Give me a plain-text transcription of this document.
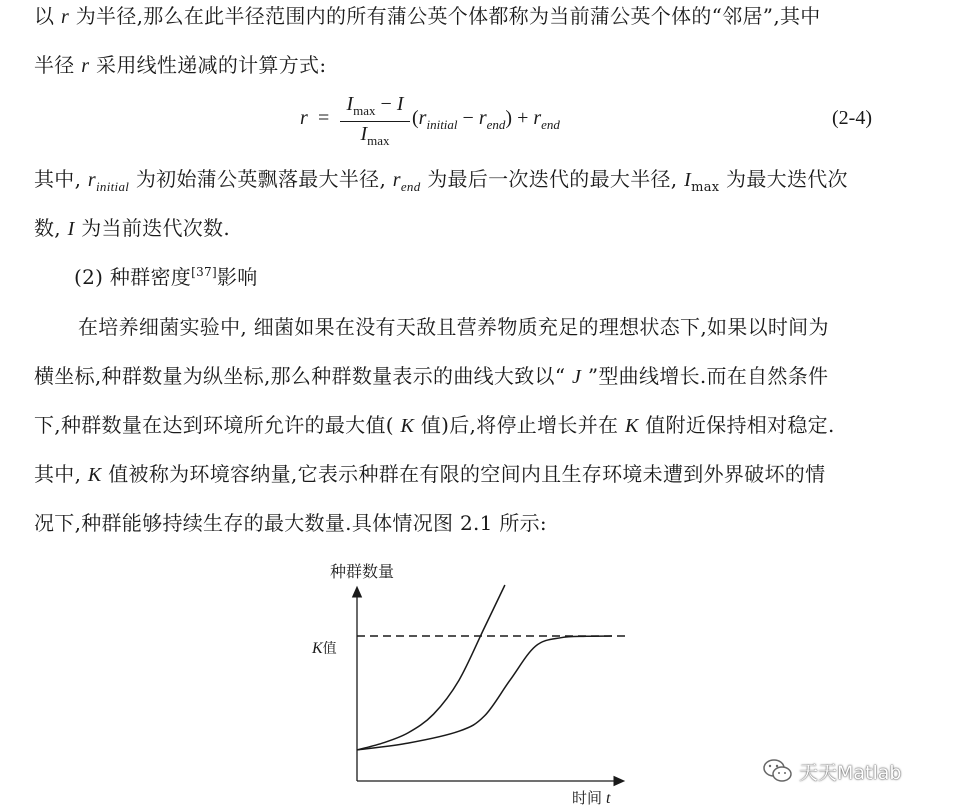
以 r 为半径,那么在此半径范围内的所有蒲公英个体都称为当前蒲公英个体的“邻居”,其中
半径 r 采用线性递减的计算方式:
r =
$I_{max} - I$
$I_{max}$
$(r_{initial} - r_{end}) + r_{end}$	(2-4)
其中, $r_{initial}$ 为初始蒲公英飘落最大半径, $r_{end}$ 为最后一次迭代的最大半径, $I_{max}$ 为最大迭代次
数, I 为当前迭代次数.
(2) 种群密度[37]影响
在培养细菌实验中, 细菌如果在没有天敌且营养物质充足的理想状态下,如果以时间为
横坐标,种群数量为纵坐标,那么种群数量表示的曲线大致以“ J ”型曲线增长.而在自然条件
下,种群数量在达到环境所允许的最大值( K 值)后,将停止增长并在 K 值附近保持相对稳定.
其中, K 值被称为环境容纳量,它表示种群在有限的空间内且生存环境未遭到外界破坏的情
况下,种群能够持续生存的最大数量.具体情况图 2.1 所示:
种群数量
K值
时间 t
天天Matlab
